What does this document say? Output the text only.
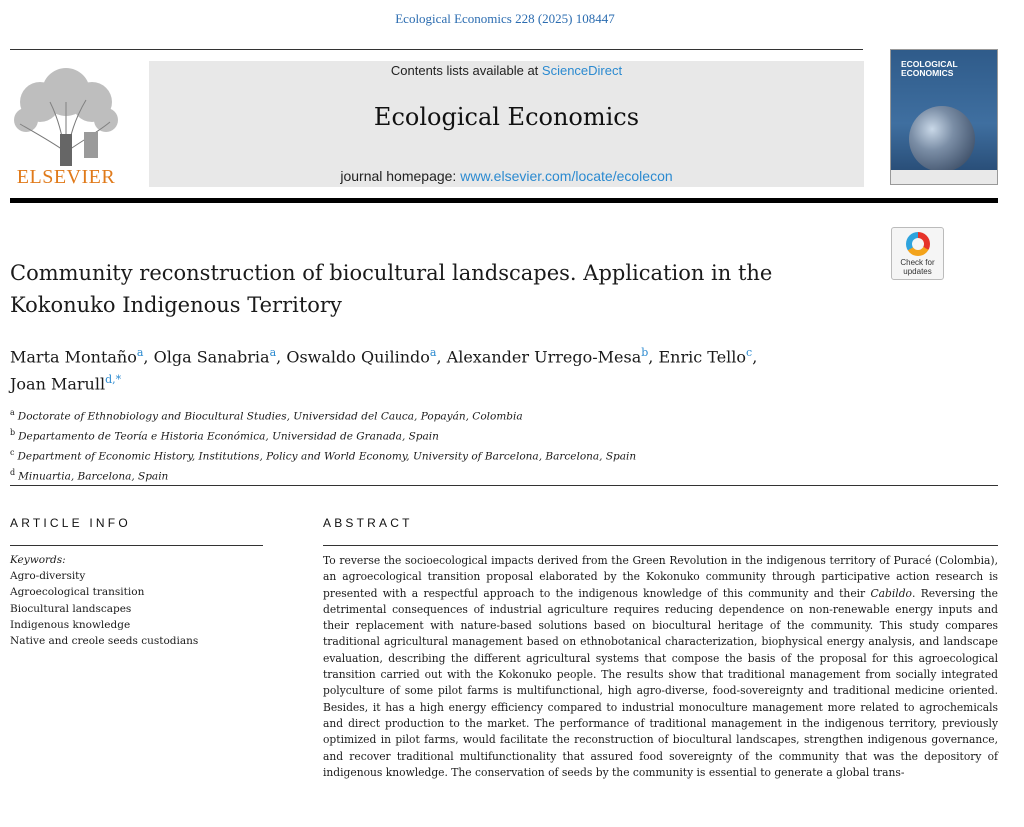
Ecological Economics 228 (2025) 108447
ELSEVIER
Contents lists available at ScienceDirect
Ecological Economics
journal homepage: www.elsevier.com/locate/ecolecon
ECOLOGICAL
ECONOMICS
Check for
updates
Community reconstruction of biocultural landscapes. Application in the Kokonuko Indigenous Territory
Marta Montaño$^a$, Olga Sanabria$^a$, Oswaldo Quilindo$^a$, Alexander Urrego-Mesa$^b$, Enric Tello$^c$,
Joan Marull$^{d,*}$
$^a$ Doctorate of Ethnobiology and Biocultural Studies, Universidad del Cauca, Popayán, Colombia
$^b$ Departamento de Teoría e Historia Económica, Universidad de Granada, Spain
$^c$ Department of Economic History, Institutions, Policy and World Economy, University of Barcelona, Barcelona, Spain
$^d$ Minuartia, Barcelona, Spain
ARTICLE INFO	ABSTRACT
Keywords:
Agro-diversity
Agroecological transition
Biocultural landscapes
Indigenous knowledge
Native and creole seeds custodians
To reverse the socioecological impacts derived from the Green Revolution in the indigenous territory of Puracé (Colombia), an agroecological transition proposal elaborated by the Kokonuko community through participative action research is presented with a respectful approach to the indigenous knowledge of this community and their Cabildo. Reversing the detrimental consequences of industrial agriculture requires reducing dependence on non-renewable energy inputs and their replacement with nature-based solutions based on biocultural heritage of the community. This study compares traditional agricultural management based on ethnobotanical characterization, biophysical energy analysis, and landscape evaluation, describing the different agricultural systems that compose the basis of the proposal for this agroecological transition carried out with the Kokonuko people. The results show that traditional management from socially integrated polyculture of some pilot farms is multifunctional, high agro-diverse, food-sovereignty and traditional medicine oriented. Besides, it has a high energy efficiency compared to industrial monoculture management more related to agrochemicals and direct production to the market. The performance of traditional management in the indigenous territory, previously optimized in pilot farms, would facilitate the reconstruction of biocultural landscapes, strengthen indigenous governance, and recover traditional multifunctionality that assured food sovereignty of the community that was the depository of indigenous knowledge. The conservation of seeds by the community is essential to generate a global trans-
